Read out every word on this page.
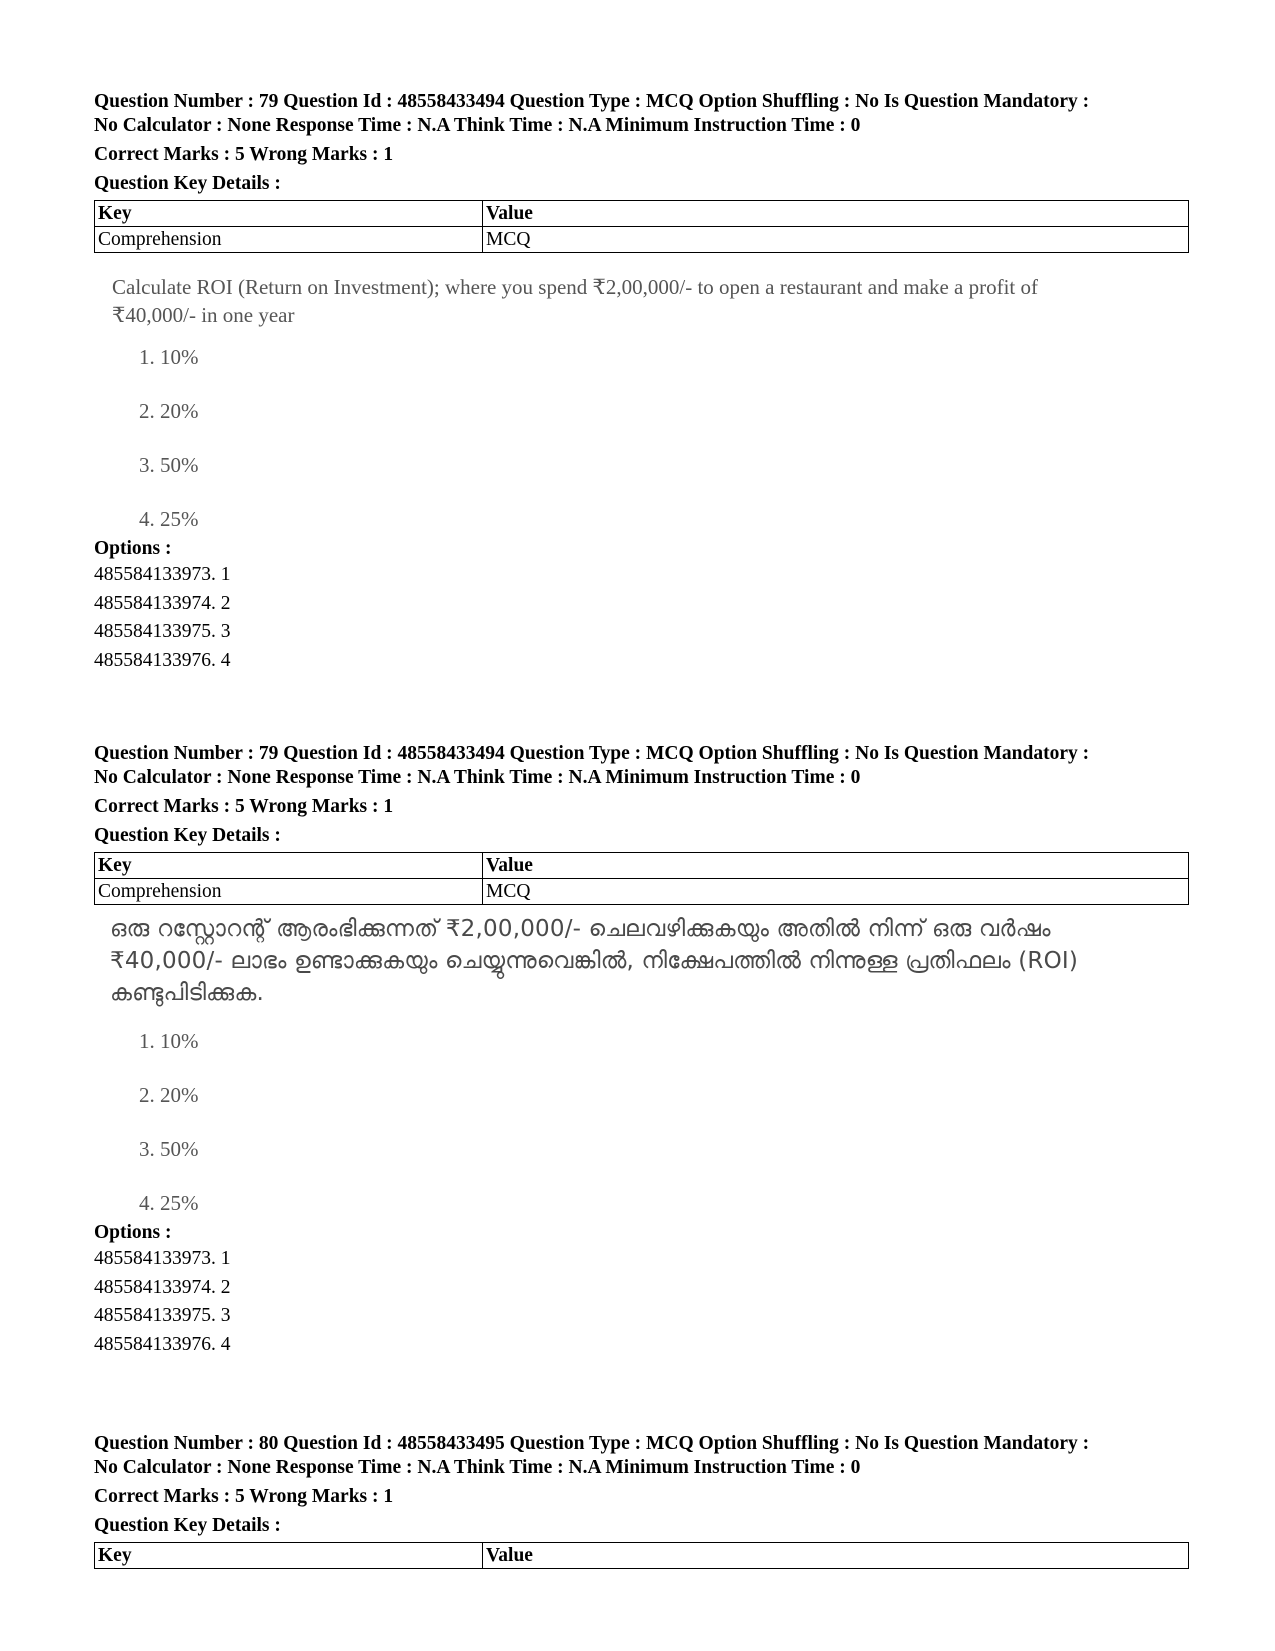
Question Number : 79 Question Id : 48558433494 Question Type : MCQ Option Shuffling : No Is Question Mandatory :

No Calculator : None Response Time : N.A Think Time : N.A Minimum Instruction Time : 0

Correct Marks : 5 Wrong Marks : 1
Question Key Details :
Key	Value
Comprehension	MCQ
Calculate ROI (Return on Investment); where you spend ₹2,00,000/- to open a restaurant and make a profit of ₹40,000/- in one year
1. 10%
2. 20%
3. 50%
4. 25%
Options :
485584133973. 1
485584133974. 2
485584133975. 3
485584133976. 4

Question Number : 79 Question Id : 48558433494 Question Type : MCQ Option Shuffling : No Is Question Mandatory :

No Calculator : None Response Time : N.A Think Time : N.A Minimum Instruction Time : 0

Correct Marks : 5 Wrong Marks : 1
Question Key Details :
Key	Value
Comprehension	MCQ
ഒരു റസ്റ്റോറന്റ് ആരംഭിക്കുന്നത് ₹2,00,000/- ചെലവഴിക്കുകയും അതിൽ നിന്ന് ഒരു വർഷം ₹40,000/- ലാഭം ഉണ്ടാക്കുകയും ചെയ്യുന്നുവെങ്കിൽ, നിക്ഷേപത്തിൽ നിന്നുള്ള പ്രതിഫലം (ROI) കണ്ടുപിടിക്കുക.
1. 10%
2. 20%
3. 50%
4. 25%
Options :
485584133973. 1
485584133974. 2
485584133975. 3
485584133976. 4

Question Number : 80 Question Id : 48558433495 Question Type : MCQ Option Shuffling : No Is Question Mandatory :

No Calculator : None Response Time : N.A Think Time : N.A Minimum Instruction Time : 0

Correct Marks : 5 Wrong Marks : 1
Question Key Details :
Key	Value
